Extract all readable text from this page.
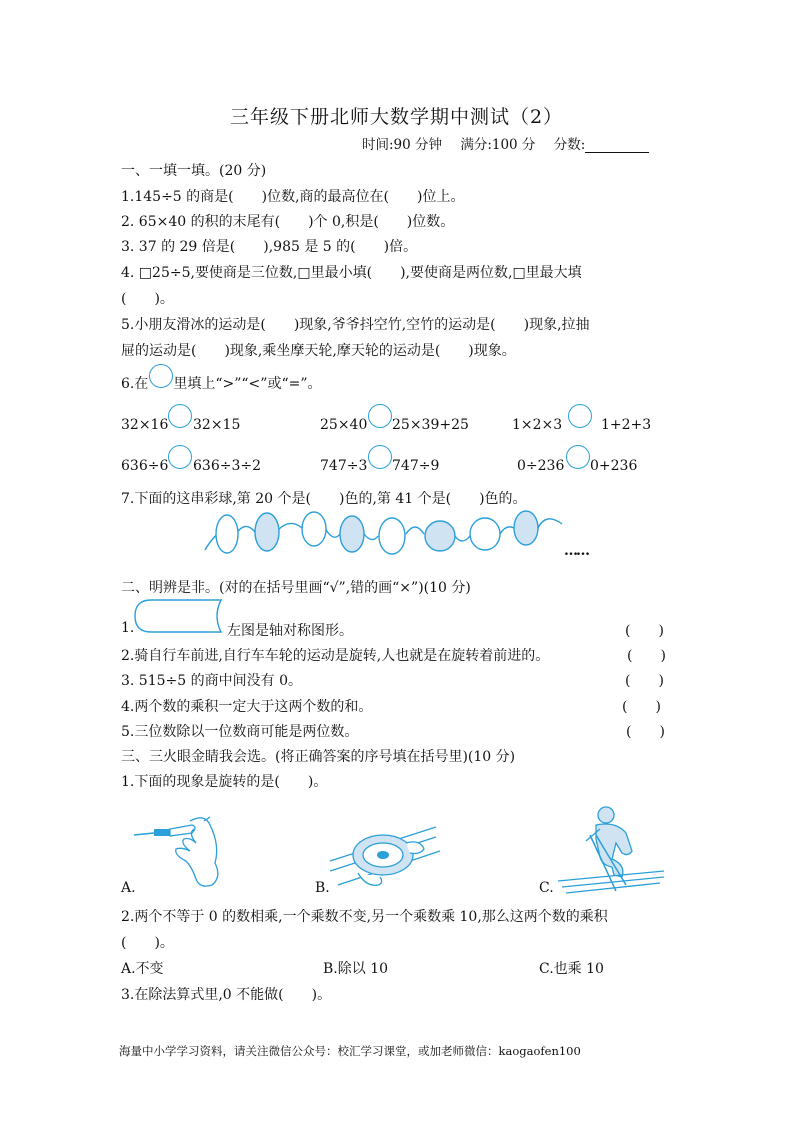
三年级下册北师大数学期中测试（2）
时间:90 分钟 满分:100 分 分数:
一、一填一填。(20 分)
1.145÷5 的商是(　　)位数,商的最高位在(　　)位上。
2. 65×40 的积的末尾有(　　)个 0,积是(　　)位数。
3. 37 的 29 倍是(　　),985 是 5 的(　　)倍。
4. □25÷5,要使商是三位数,□里最小填(　　),要使商是两位数,□里最大填
(　　)。
5.小朋友滑冰的运动是(　　)现象,爷爷抖空竹,空竹的运动是(　　)现象,拉抽
屉的运动是(　　)现象,乘坐摩天轮,摩天轮的运动是(　　)现象。
6.在 里填上“>”“<”或“=”。
32×16 32×15	25×40 25×39+25	1×2×3	1+2+3
636÷6 636÷3÷2	747÷3 747÷9	0÷236 0+236
7.下面的这串彩球,第 20 个是(　　)色的,第 41 个是(　　)色的。
……
二、明辨是非。(对的在括号里画“√”,错的画“×”)(10 分)
1.	左图是轴对称图形。	(　　)
2.骑自行车前进,自行车车轮的运动是旋转,人也就是在旋转着前进的。	(　　)
3. 515÷5 的商中间没有 0。	(　　)
4.两个数的乘积一定大于这两个数的和。	(　　)
5.三位数除以一位数商可能是两位数。	(　　)
三、三火眼金睛我会选。(将正确答案的序号填在括号里)(10 分)
1.下面的现象是旋转的是(　　)。
A.	B.	C.
2.两个不等于 0 的数相乘,一个乘数不变,另一个乘数乘 10,那么这两个数的乘积
(　　)。
A.不变	B.除以 10	C.也乘 10
3.在除法算式里,0 不能做(　　)。
海量中小学学习资料，请关注微信公众号：校汇学习课堂，或加老师微信：kaogaofen100
